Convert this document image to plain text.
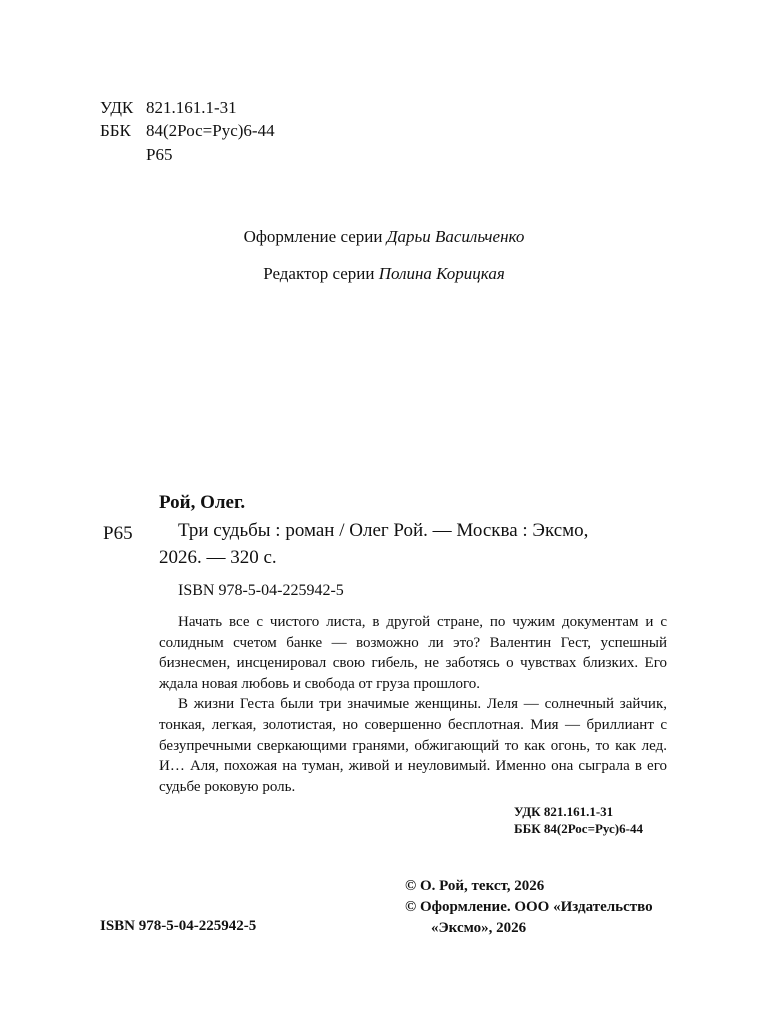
УДК 821.161.1-31
ББК 84(2Рос=Рус)6-44
Р65
Оформление серии Дарьи Васильченко
Редактор серии Полина Корицкая
Рой, Олег.
Р65 Три судьбы : роман / Олег Рой. — Москва : Эксмо,
2026. — 320 с.
ISBN 978-5-04-225942-5

Начать все с чистого листа, в другой стране, по чужим документам и с солидным счетом банке — возможно ли это? Валентин Гест, успешный бизнесмен, инсценировал свою гибель, не заботясь о чувствах близких. Его ждала новая любовь и свобода от груза прошлого.

В жизни Геста были три значимые женщины. Леля — солнечный зайчик, тонкая, легкая, золотистая, но совершенно бесплотная. Мия — бриллиант с безупречными сверкающими гранями, обжигающий то как огонь, то как лед. И… Аля, похожая на туман, живой и неуловимый. Именно она сыграла в его судьбе роковую роль.

УДК 821.161.1-31
ББК 84(2Рос=Рус)6-44
© О. Рой, текст, 2026
© Оформление. ООО «Издательство
«Эксмо», 2026
ISBN 978-5-04-225942-5
